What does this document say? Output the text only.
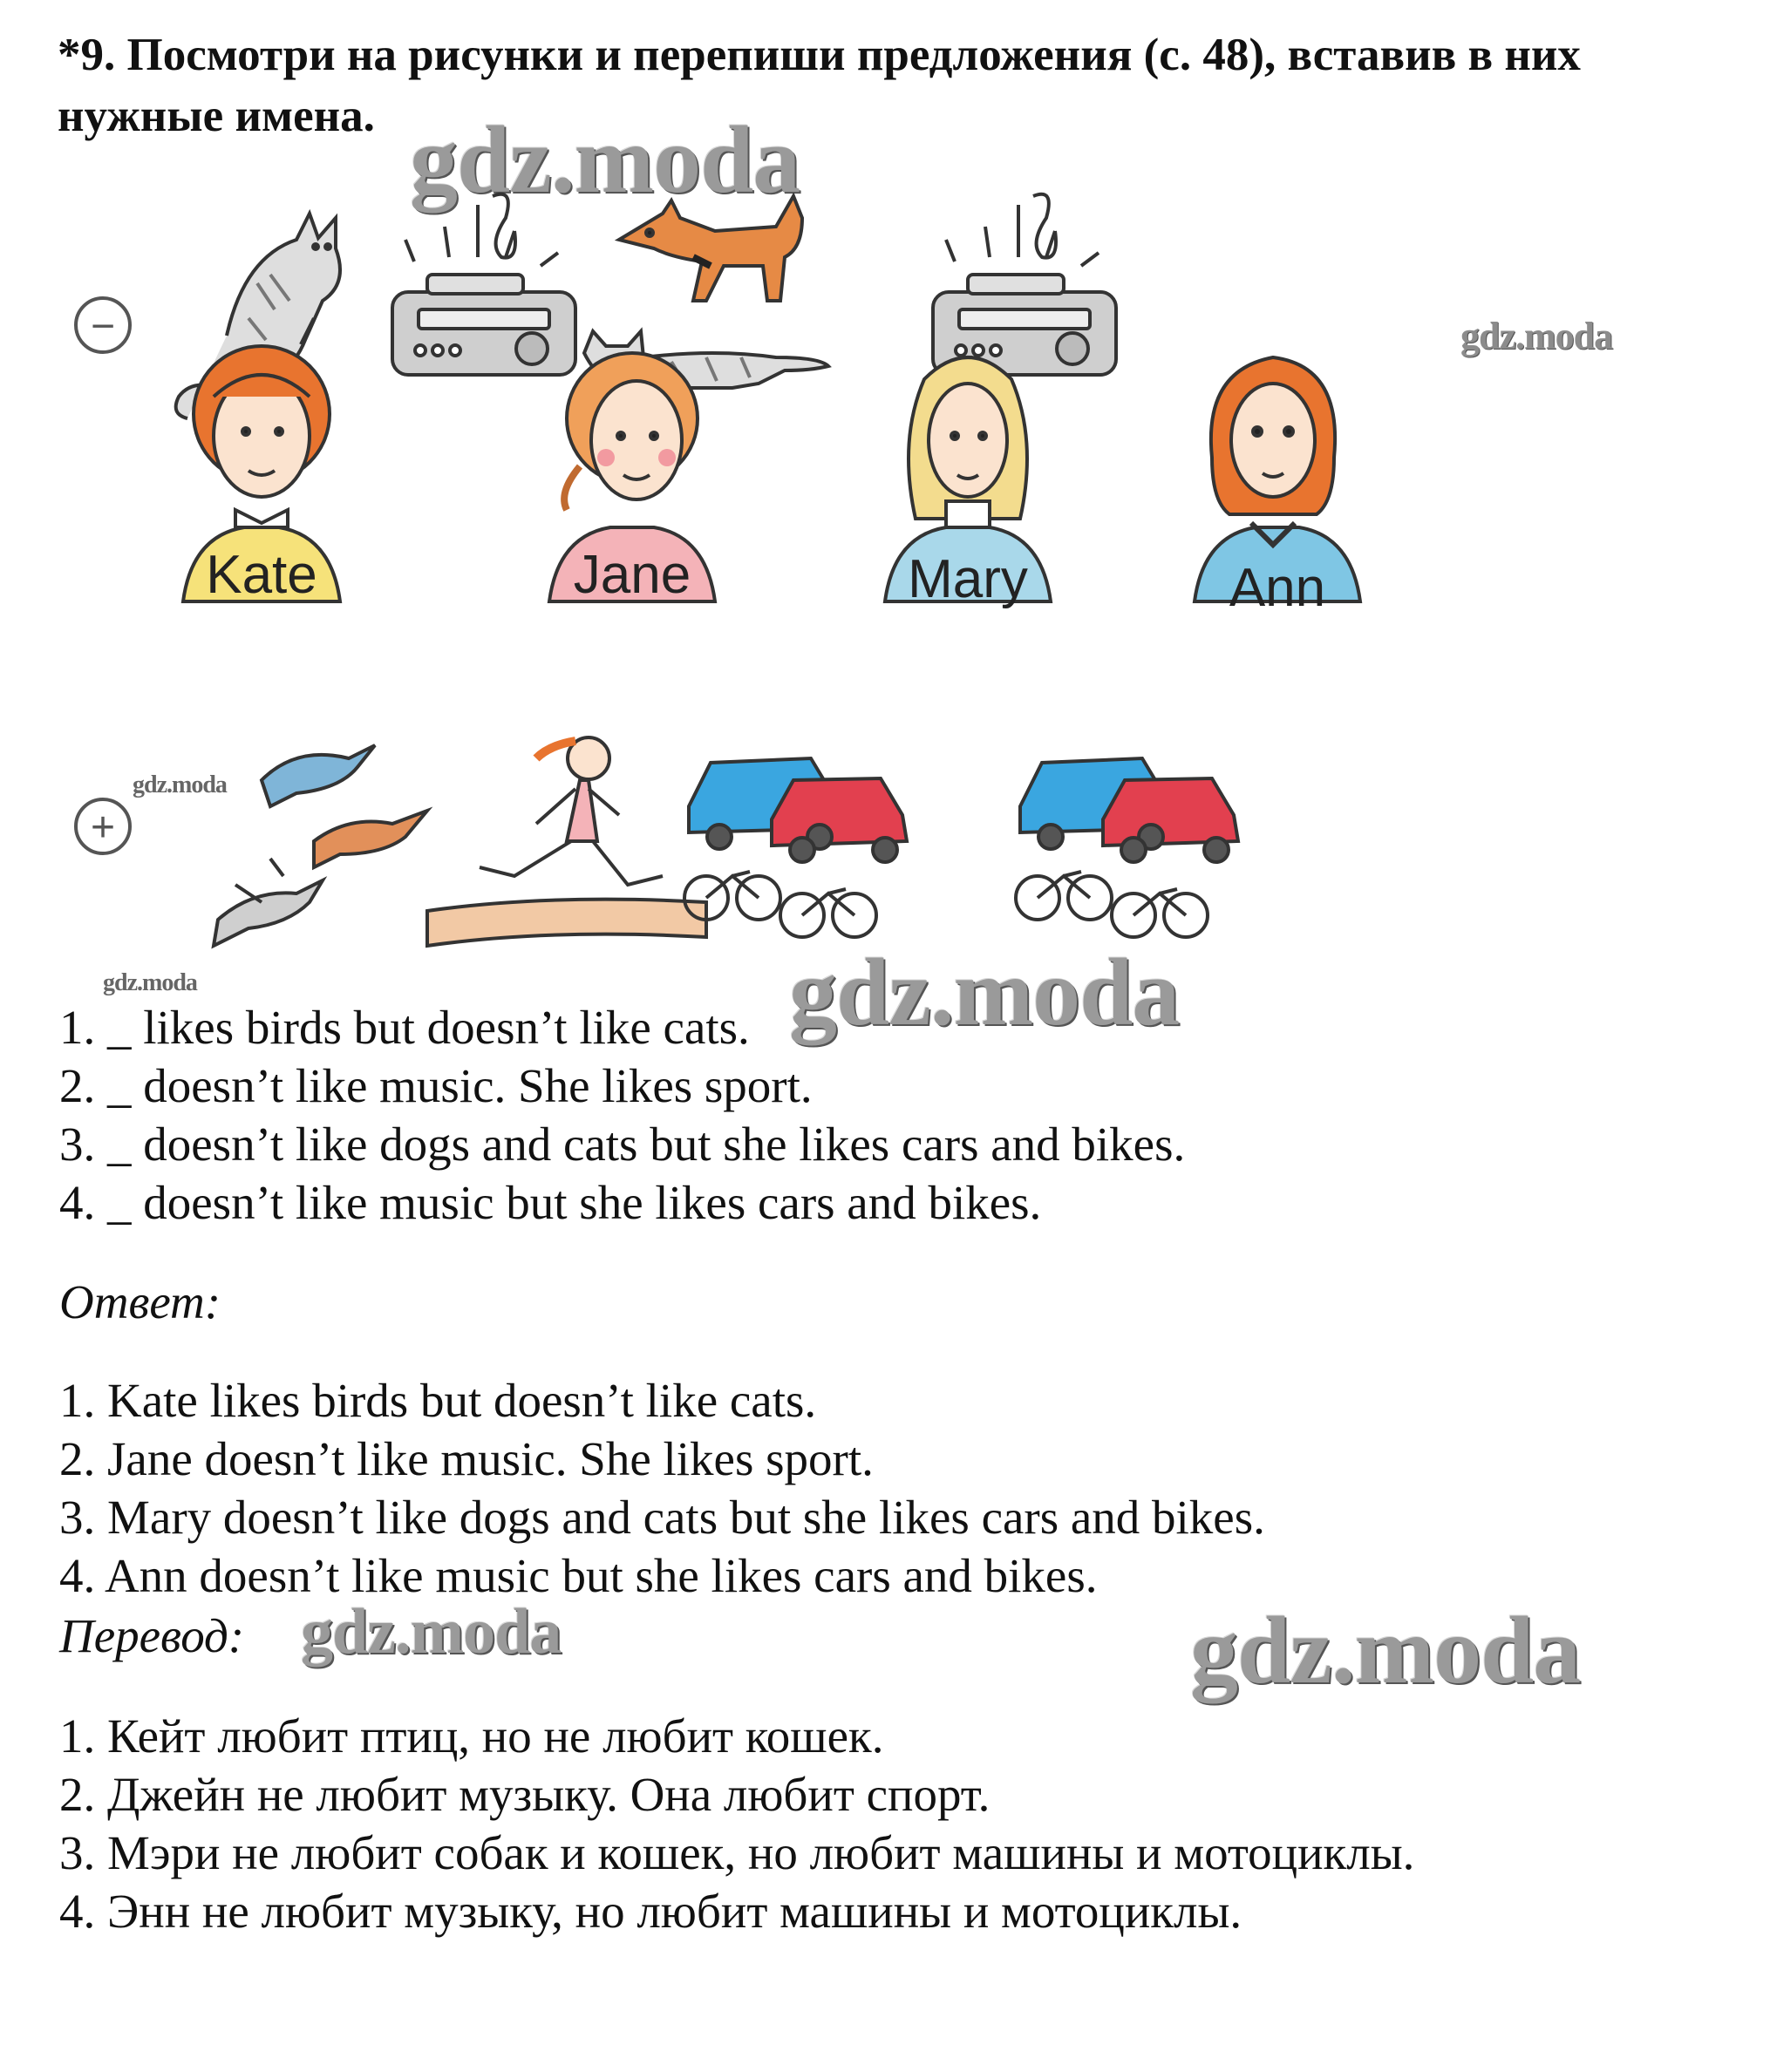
*9. Посмотри на рисунки и перепиши предложения (с. 48), вставив в них нужные имена. gdz.moda
gdz.moda
gdz.moda
gdz.moda	gdz.moda
gdz.moda	gdz.moda
−
+
Kate	Jane	Mary	Ann
1. _ likes birds but doesn’t like cats.
2. _ doesn’t like music. She likes sport.
3. _ doesn’t like dogs and cats but she likes cars and bikes.
4. _ doesn’t like music but she likes cars and bikes.
Ответ:
1. Kate likes birds but doesn’t like cats.
2. Jane doesn’t like music. She likes sport.
3. Mary doesn’t like dogs and cats but she likes cars and bikes.
4. Ann doesn’t like music but she likes cars and bikes.
Перевод:
1. Кейт любит птиц, но не любит кошек.
2. Джейн не любит музыку. Она любит спорт.
3. Мэри не любит собак и кошек, но любит машины и мотоциклы.
4. Энн не любит музыку, но любит машины и мотоциклы.
